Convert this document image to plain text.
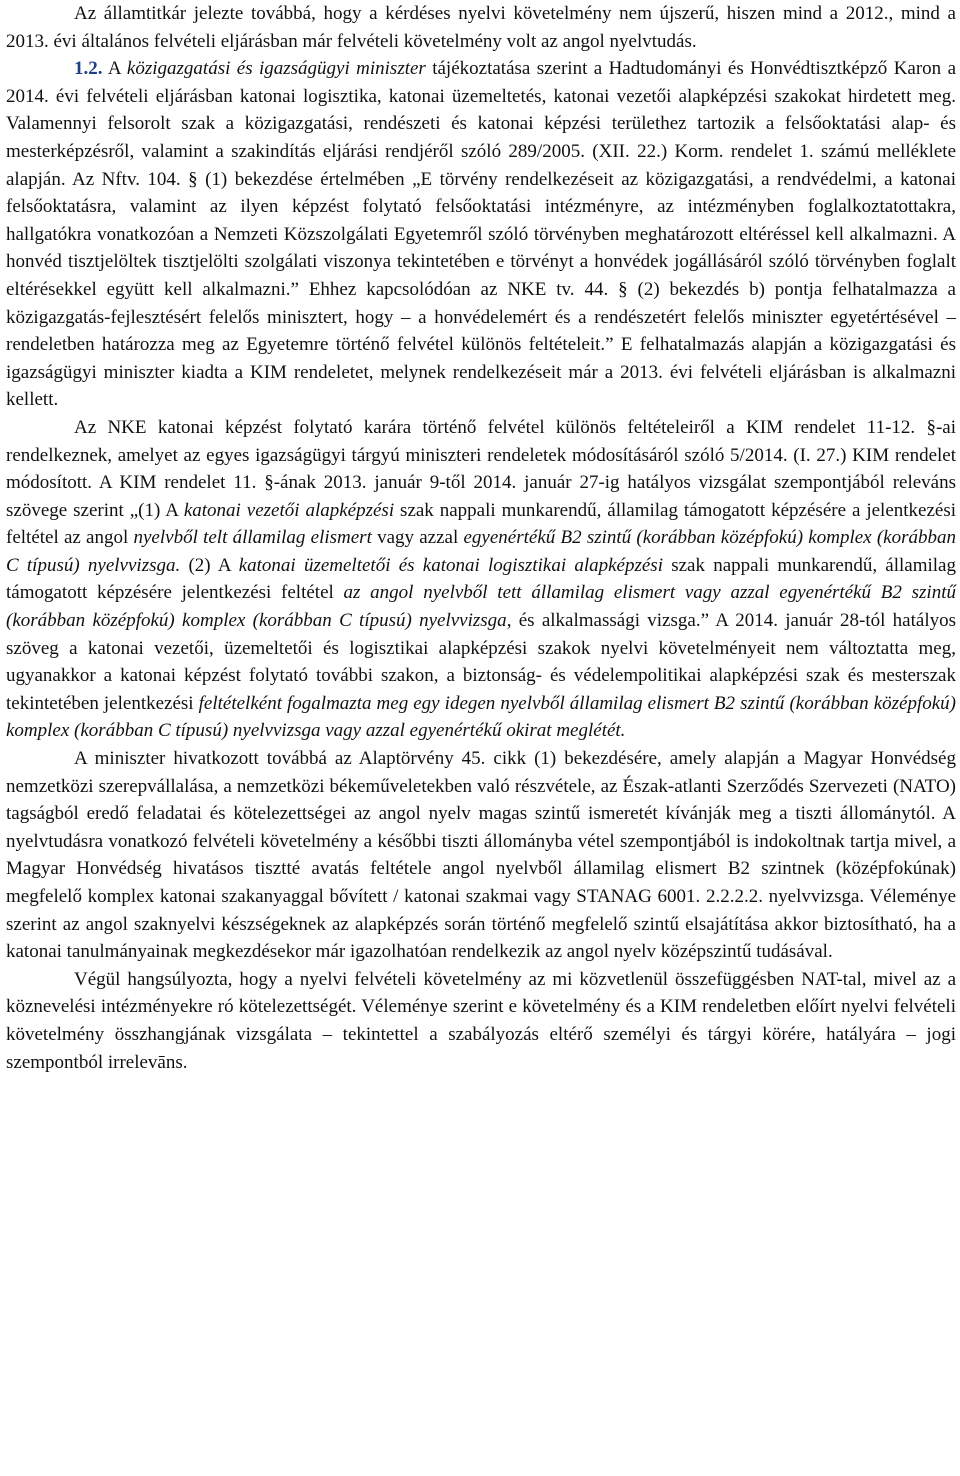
Az államtitkár jelezte továbbá, hogy a kérdéses nyelvi követelmény nem újszerű, hiszen mind a 2012., mind a 2013. évi általános felvételi eljárásban már felvételi követelmény volt az angol nyelvtudás.

1.2. A közigazgatási és igazságügyi miniszter tájékoztatása szerint a Hadtudományi és Honvédtisztképző Karon a 2014. évi felvételi eljárásban katonai logisztika, katonai üzemeltetés, katonai vezetői alapképzési szakokat hirdetett meg. Valamennyi felsorolt szak a közigazgatási, rendészeti és katonai képzési területhez tartozik a felsőoktatási alap- és mesterképzésről, valamint a szakindítás eljárási rendjéről szóló 289/2005. (XII. 22.) Korm. rendelet 1. számú melléklete alapján. Az Nftv. 104. § (1) bekezdése értelmében „E törvény rendelkezéseit az közigazgatási, a rendvédelmi, a katonai felsőoktatásra, valamint az ilyen képzést folytató felsőoktatási intézményre, az intézményben foglalkoztatottakra, hallgatókra vonatkozóan a Nemzeti Közszolgálati Egyetemről szóló törvényben meghatározott eltéréssel kell alkalmazni. A honvéd tisztjelöltek tisztjelölti szolgálati viszonya tekintetében e törvényt a honvédek jogállásáról szóló törvényben foglalt eltérésekkel együtt kell alkalmazni.” Ehhez kapcsolódóan az NKE tv. 44. § (2) bekezdés b) pontja felhatalmazza a közigazgatás-fejlesztésért felelős minisztert, hogy – a honvédelemért és a rendészetért felelős miniszter egyetértésével – rendeletben határozza meg az Egyetemre történő felvétel különös feltételeit.” E felhatalmazás alapján a közigazgatási és igazságügyi miniszter kiadta a KIM rendeletet, melynek rendelkezéseit már a 2013. évi felvételi eljárásban is alkalmazni kellett.

Az NKE katonai képzést folytató karára történő felvétel különös feltételeiről a KIM rendelet 11-12. §-ai rendelkeznek, amelyet az egyes igazságügyi tárgyú miniszteri rendeletek módosításáról szóló 5/2014. (I. 27.) KIM rendelet módosított. A KIM rendelet 11. §-ának 2013. január 9-től 2014. január 27-ig hatályos vizsgálat szempontjából releváns szövege szerint „(1) A katonai vezetői alapképzési szak nappali munkarendű, államilag támogatott képzésére a jelentkezési feltétel az angol nyelvből telt államilag elismert vagy azzal egyenértékű B2 szintű (korábban középfokú) komplex (korábban C típusú) nyelvvizsga. (2) A katonai üzemeltetői és katonai logisztikai alapképzési szak nappali munkarendű, államilag támogatott képzésére jelentkezési feltétel az angol nyelvből tett államilag elismert vagy azzal egyenértékű B2 szintű (korábban középfokú) komplex (korábban C típusú) nyelvvizsga, és alkalmassági vizsga.” A 2014. január 28-tól hatályos szöveg a katonai vezetői, üzemeltetői és logisztikai alapképzési szakok nyelvi követelményeit nem változtatta meg, ugyanakkor a katonai képzést folytató további szakon, a biztonság- és védelempolitikai alapképzési szak és mesterszak tekintetében jelentkezési feltételként fogalmazta meg egy idegen nyelvből államilag elismert B2 szintű (korábban középfokú) komplex (korábban C típusú) nyelvvizsga vagy azzal egyenértékű okirat meglétét.

A miniszter hivatkozott továbbá az Alaptörvény 45. cikk (1) bekezdésére, amely alapján a Magyar Honvédség nemzetközi szerepvállalása, a nemzetközi békeműveletekben való részvétele, az Észak-atlanti Szerződés Szervezeti (NATO) tagságból eredő feladatai és kötelezettségei az angol nyelv magas szintű ismeretét kívánják meg a tiszti állománytól. A nyelvtudásra vonatkozó felvételi követelmény a későbbi tiszti állományba vétel szempontjából is indokoltnak tartja mivel, a Magyar Honvédség hivatásos tisztté avatás feltétele angol nyelvből államilag elismert B2 szintnek (középfokúnak) megfelelő komplex katonai szakanyaggal bővített / katonai szakmai vagy STANAG 6001. 2.2.2.2. nyelvvizsga. Véleménye szerint az angol szaknyelvi készségeknek az alapképzés során történő megfelelő szintű elsajátítása akkor biztosítható, ha a katonai tanulmányainak megkezdésekor már igazolhatóan rendelkezik az angol nyelv középszintű tudásával.

Végül hangsúlyozta, hogy a nyelvi felvételi követelmény az mi közvetlenül összefüggésben NAT-tal, mivel az a köznevelési intézményekre ró kötelezettségét. Véleménye szerint e követelmény és a KIM rendeletben előírt nyelvi felvételi követelmény összhangjának vizsgálata – tekintettel a szabályozás eltérő személyi és tárgyi körére, hatályára – jogi szempontból irrelevāns.
